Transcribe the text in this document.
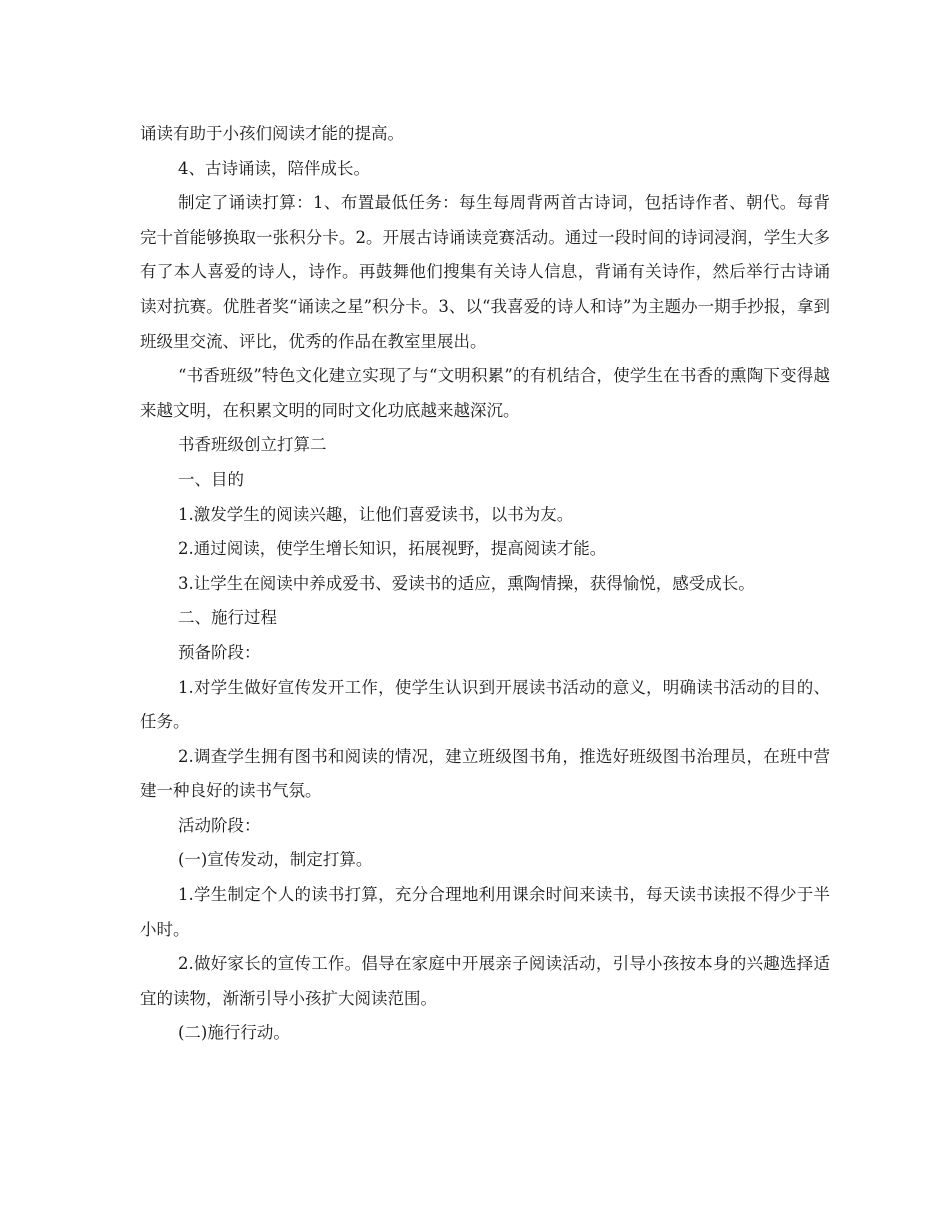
诵读有助于小孩们阅读才能的提高。

4、古诗诵读，陪伴成长。

制定了诵读打算：1、布置最低任务：每生每周背两首古诗词，包括诗作者、朝代。每背完十首能够换取一张积分卡。2。开展古诗诵读竞赛活动。通过一段时间的诗词浸润，学生大多有了本人喜爱的诗人，诗作。再鼓舞他们搜集有关诗人信息，背诵有关诗作，然后举行古诗诵读对抗赛。优胜者奖“诵读之星”积分卡。3、以“我喜爱的诗人和诗”为主题办一期手抄报，拿到班级里交流、评比，优秀的作品在教室里展出。

“书香班级”特色文化建立实现了与“文明积累”的有机结合，使学生在书香的熏陶下变得越来越文明，在积累文明的同时文化功底越来越深沉。

书香班级创立打算二

一、目的

1.激发学生的阅读兴趣，让他们喜爱读书，以书为友。

2.通过阅读，使学生增长知识，拓展视野，提高阅读才能。

3.让学生在阅读中养成爱书、爱读书的适应，熏陶情操，获得愉悦，感受成长。

二、施行过程

预备阶段：

1.对学生做好宣传发开工作，使学生认识到开展读书活动的意义，明确读书活动的目的、任务。

2.调查学生拥有图书和阅读的情况，建立班级图书角，推选好班级图书治理员，在班中营建一种良好的读书气氛。

活动阶段：

(一)宣传发动，制定打算。

1.学生制定个人的读书打算，充分合理地利用课余时间来读书，每天读书读报不得少于半小时。

2.做好家长的宣传工作。倡导在家庭中开展亲子阅读活动，引导小孩按本身的兴趣选择适宜的读物，渐渐引导小孩扩大阅读范围。

(二)施行行动。
